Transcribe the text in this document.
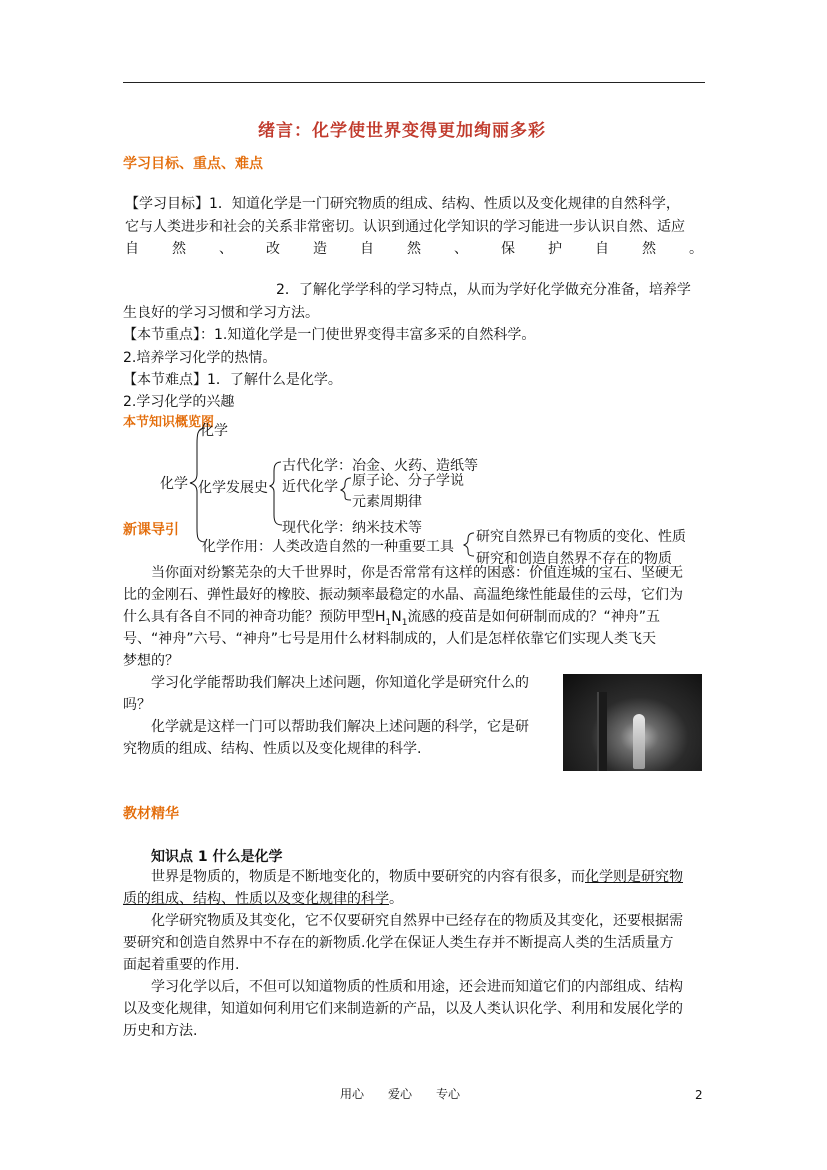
绪言：化学使世界变得更加绚丽多彩
学习目标、重点、难点
【学习目标】1．知道化学是一门研究物质的组成、结构、性质以及变化规律的自然科学，
它与人类进步和社会的关系非常密切。认识到通过化学知识的学习能进一步认识自然、适应
自 然 、 改 造 自 然 、 保 护 自 然 。
2．了解化学学科的学习特点，从而为学好化学做充分准备，培养学
生良好的学习习惯和学习方法。
【本节重点】：1.知道化学是一门使世界变得丰富多采的自然科学。
2.培养学习化学的热情。
【本节难点】1．了解什么是化学。
2.学习化学的兴趣
本节知识概览图
化学
化学 化学发展史
古代化学：冶金、火药、造纸等
近代化学 原子论、分子学说
元素周期律
现代化学：纳米技术等
化学作用：人类改造自然的一种重要工具
研究自然界已有物质的变化、性质
研究和创造自然界不存在的物质
新课导引
当你面对纷繁芜杂的大千世界时，你是否常常有这样的困惑：价值连城的宝石、坚硬无
比的金刚石、弹性最好的橡胶、振动频率最稳定的水晶、高温绝缘性能最佳的云母，它们为
什么具有各自不同的神奇功能？预防甲型$H_1N_1$流感的疫苗是如何研制而成的？“神舟”五
号、“神舟”六号、“神舟”七号是用什么材料制成的，人们是怎样依靠它们实现人类飞天
梦想的？
学习化学能帮助我们解决上述问题，你知道化学是研究什么的
吗？
化学就是这样一门可以帮助我们解决上述问题的科学，它是研
究物质的组成、结构、性质以及变化规律的科学.
教材精华
知识点 1 什么是化学
世界是物质的，物质是不断地变化的，物质中要研究的内容有很多，而化学则是研究物
质的组成、结构、性质以及变化规律的科学。
化学研究物质及其变化，它不仅要研究自然界中已经存在的物质及其变化，还要根据需
要研究和创造自然界中不存在的新物质.化学在保证人类生存并不断提高人类的生活质量方
面起着重要的作用.
学习化学以后，不但可以知道物质的性质和用途，还会进而知道它们的内部组成、结构
以及变化规律，知道如何利用它们来制造新的产品，以及人类认识化学、利用和发展化学的
历史和方法.
用心 爱心 专心	2
